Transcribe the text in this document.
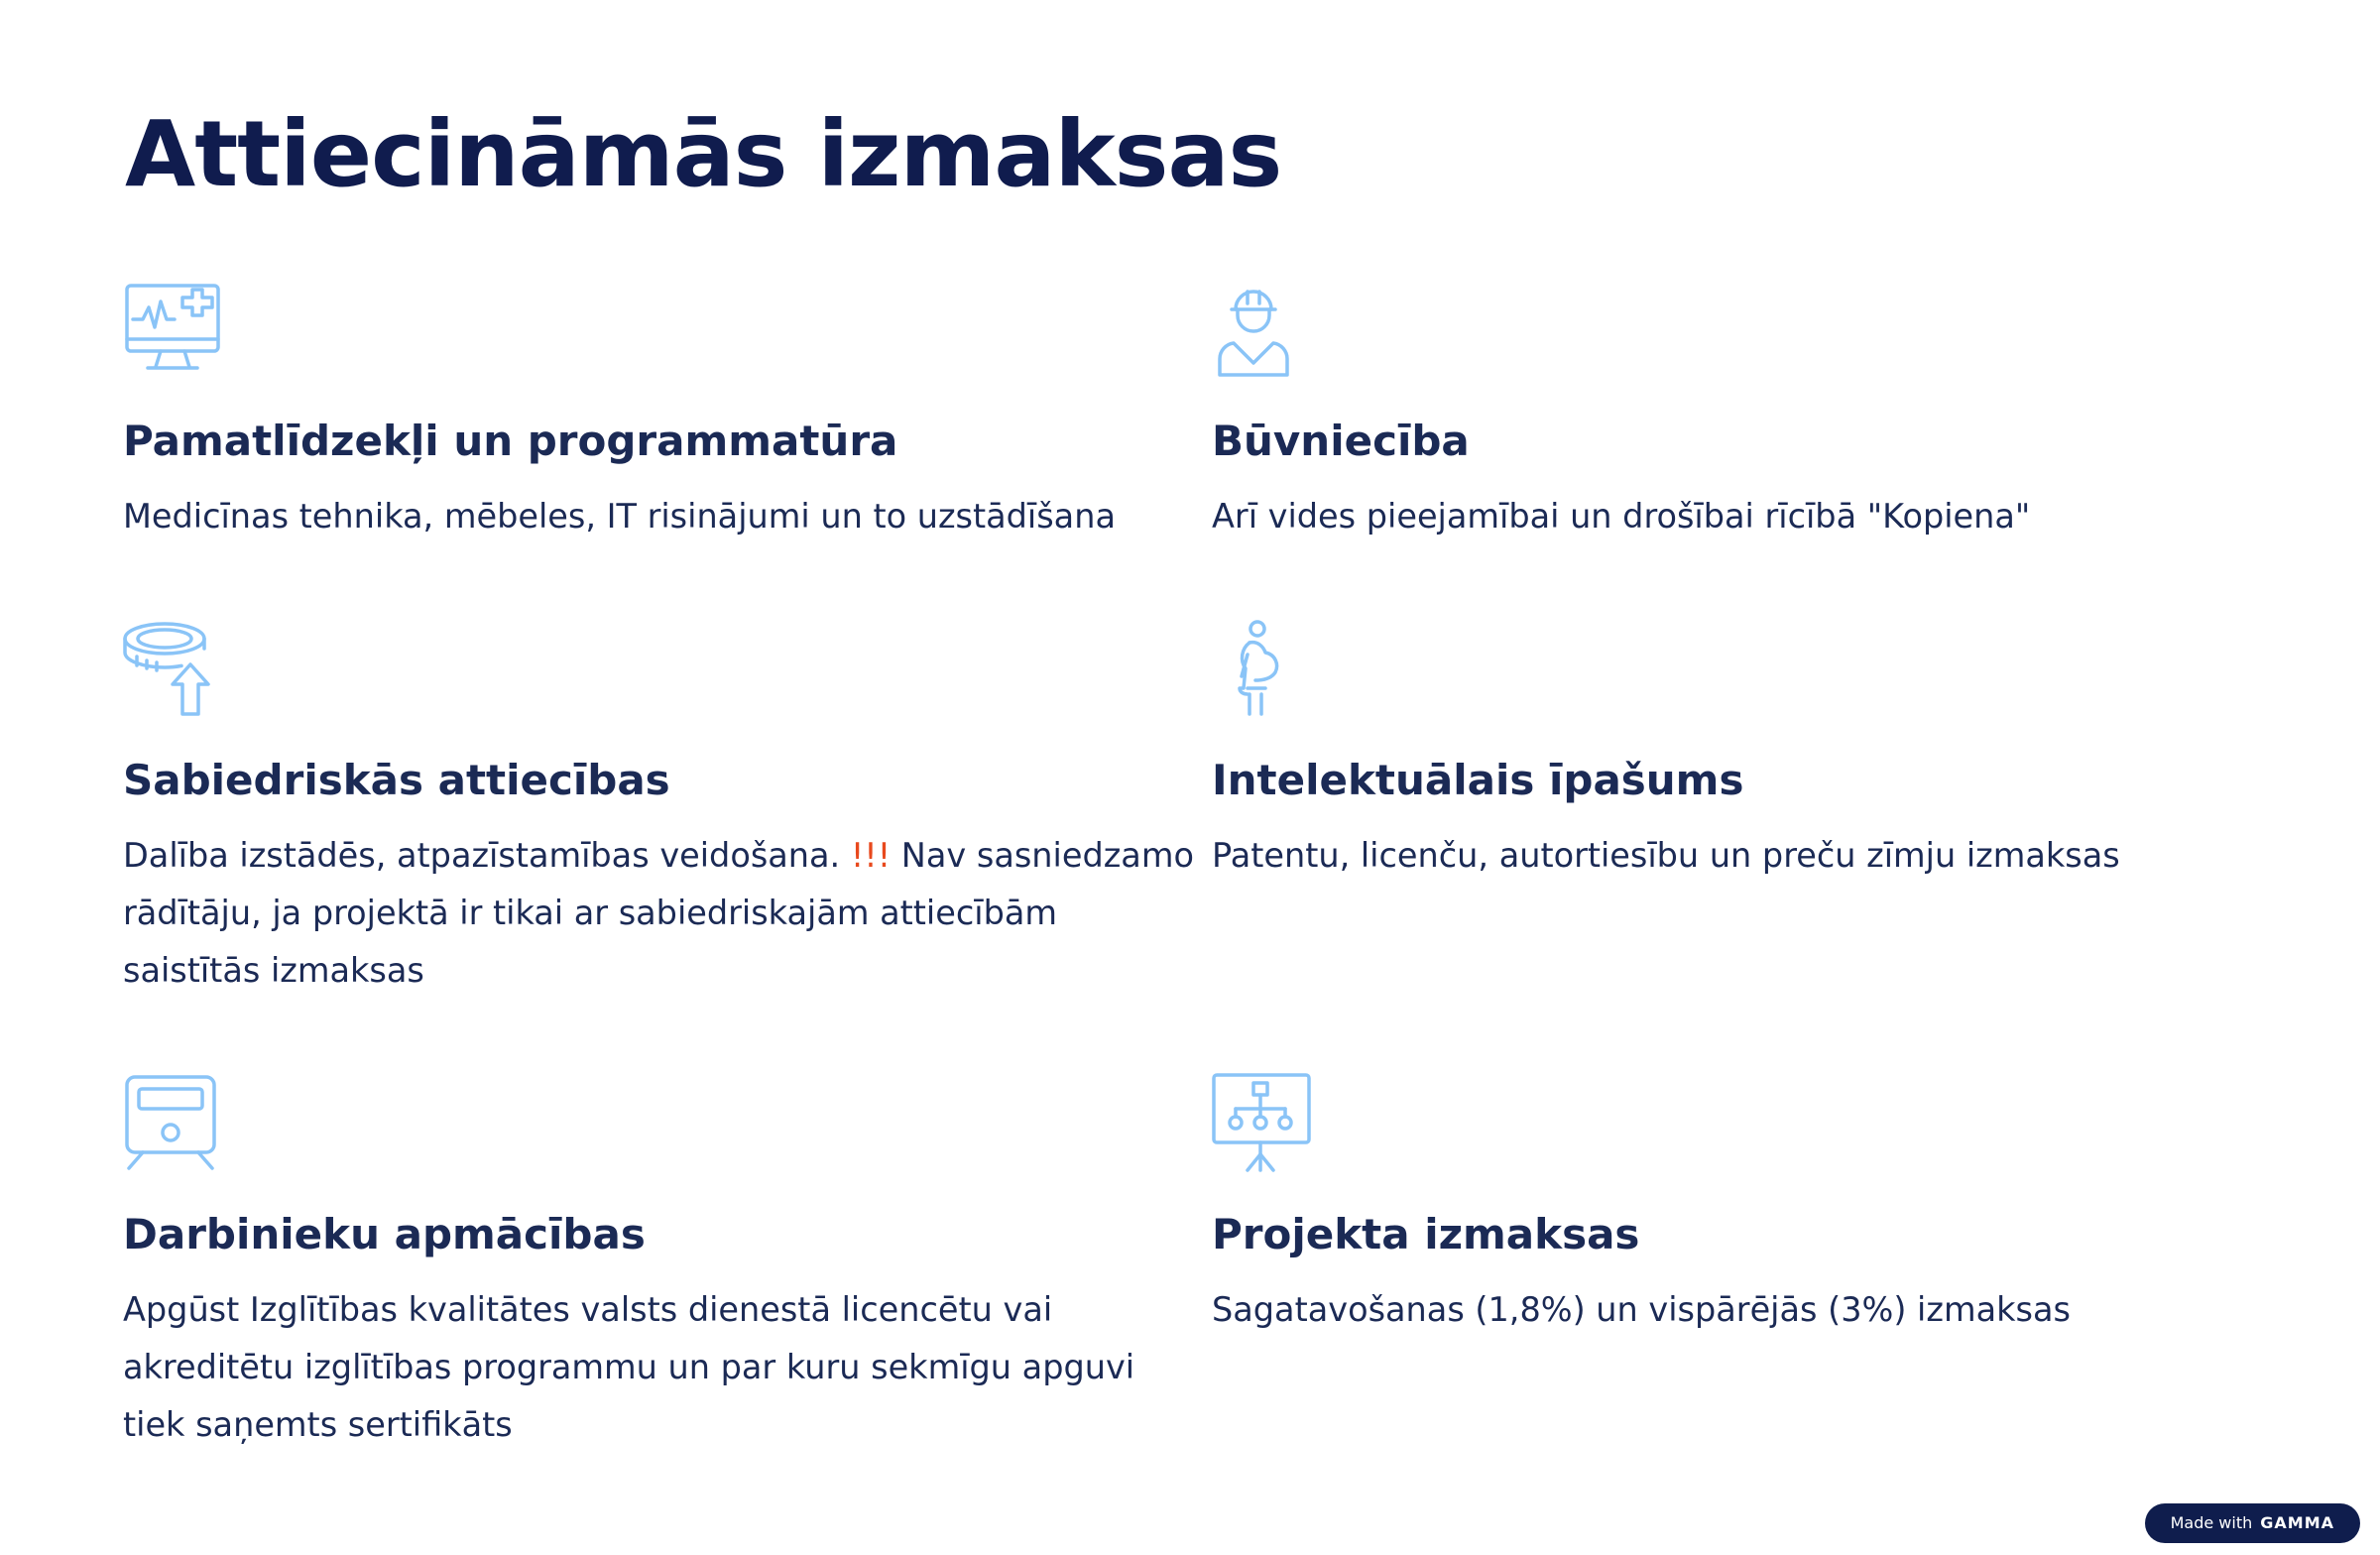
Attiecināmās izmaksas
Pamatlīdzekļi un programmatūra

Medicīnas tehnika, mēbeles, IT risinājumi un to uzstādīšana

Būvniecība

Arī vides pieejamībai un drošībai rīcībā "Kopiena"

Sabiedriskās attiecības

Dalība izstādēs, atpazīstamības veidošana. !!! Nav sasniedzamo
rādītāju, ja projektā ir tikai ar sabiedriskajām attiecībām
saistītās izmaksas

Intelektuālais īpašums

Patentu, licenču, autortiesību un preču zīmju izmaksas

Darbinieku apmācības

Apgūst Izglītības kvalitātes valsts dienestā licencētu vai
akreditētu izglītības programmu un par kuru sekmīgu apguvi
tiek saņemts sertifikāts

Projekta izmaksas

Sagatavošanas (1,8%) un vispārējās (3%) izmaksas

Made with GAMMA
